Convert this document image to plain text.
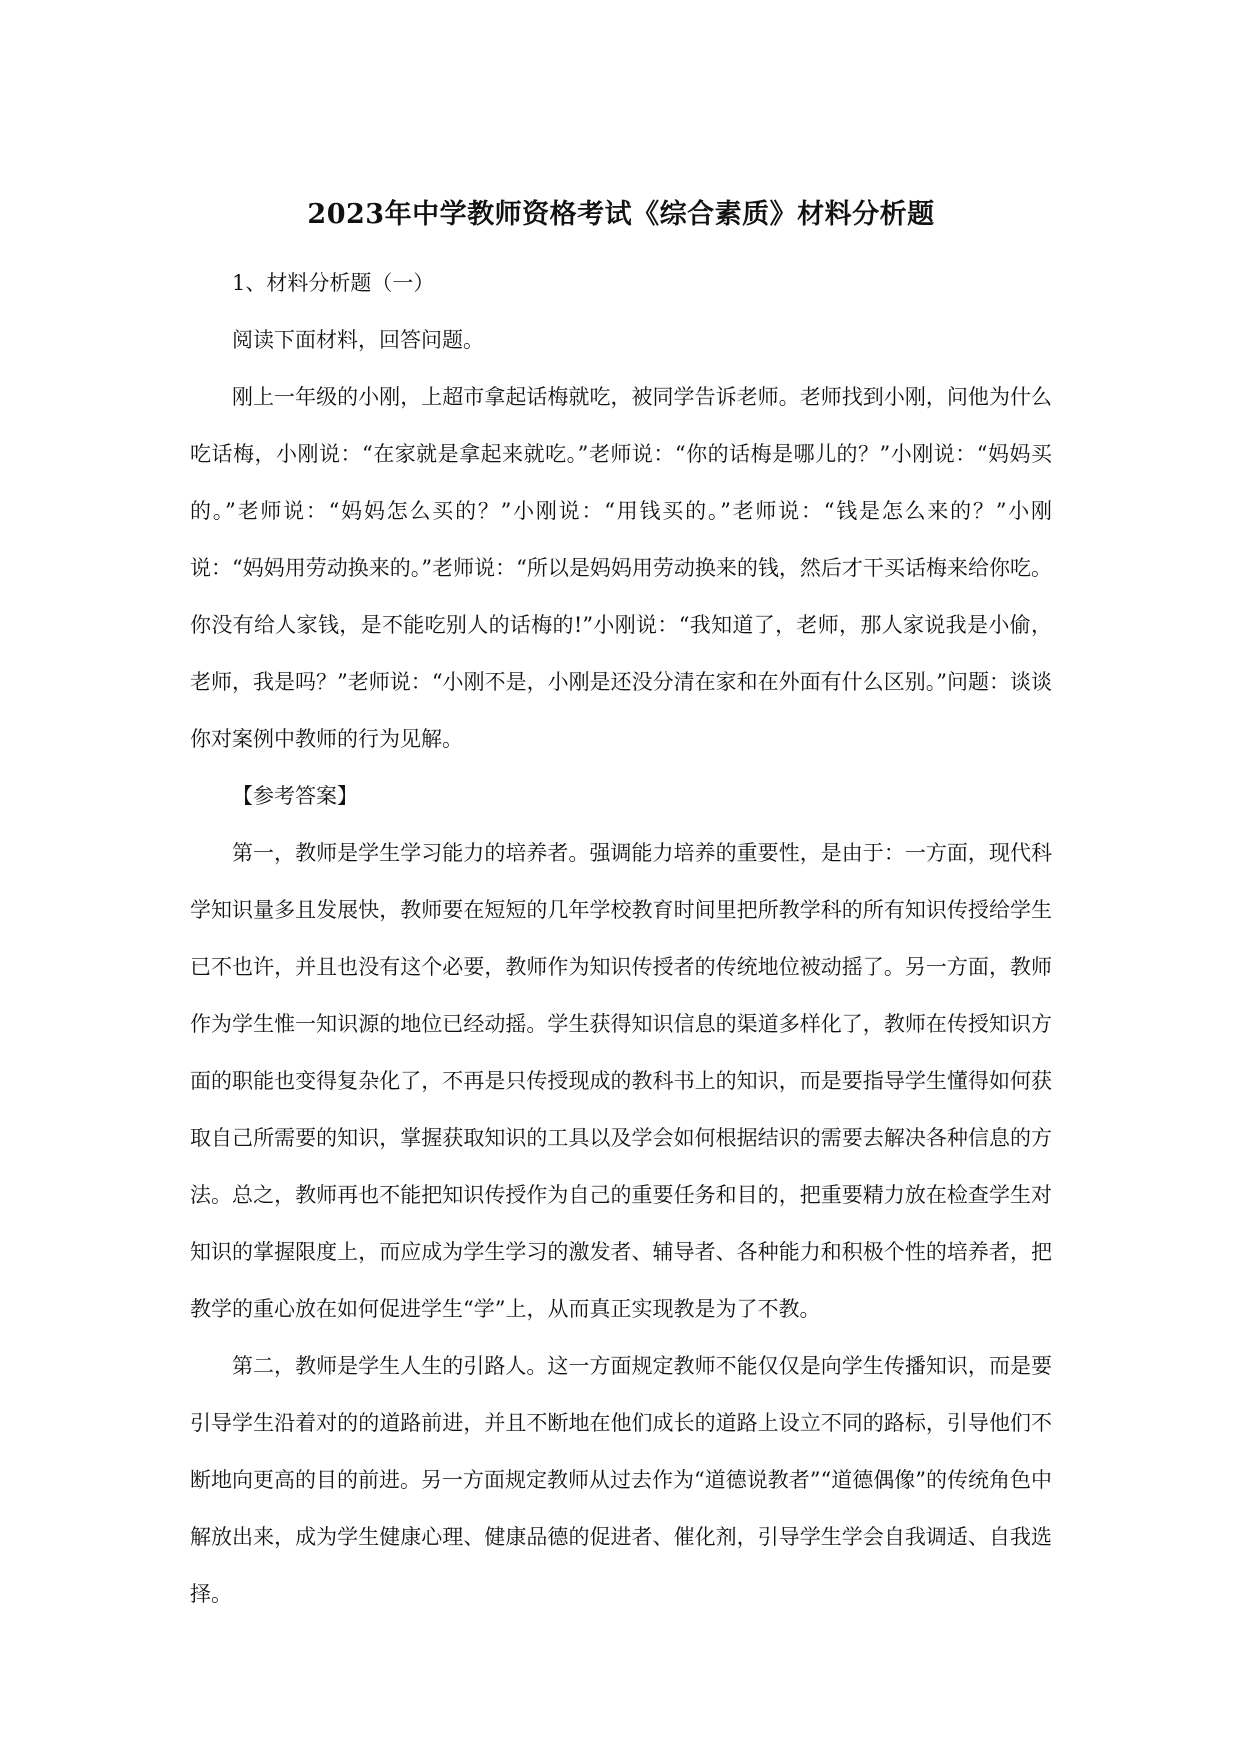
2023年中学教师资格考试《综合素质》材料分析题

1、材料分析题（一）

阅读下面材料，回答问题。

刚上一年级的小刚，上超市拿起话梅就吃，被同学告诉老师。老师找到小刚，问他为什么吃话梅，小刚说：“在家就是拿起来就吃。”老师说：“你的话梅是哪儿的？”小刚说：“妈妈买的。”老师说：“妈妈怎么买的？”小刚说：“用钱买的。”老师说：“钱是怎么来的？”小刚说：“妈妈用劳动换来的。”老师说：“所以是妈妈用劳动换来的钱，然后才干买话梅来给你吃。你没有给人家钱，是不能吃别人的话梅的!”小刚说：“我知道了，老师，那人家说我是小偷，老师，我是吗？”老师说：“小刚不是，小刚是还没分清在家和在外面有什么区别。”问题：谈谈你对案例中教师的行为见解。

【参考答案】

第一，教师是学生学习能力的培养者。强调能力培养的重要性，是由于：一方面，现代科学知识量多且发展快，教师要在短短的几年学校教育时间里把所教学科的所有知识传授给学生已不也许，并且也没有这个必要，教师作为知识传授者的传统地位被动摇了。另一方面，教师作为学生惟一知识源的地位已经动摇。学生获得知识信息的渠道多样化了，教师在传授知识方面的职能也变得复杂化了，不再是只传授现成的教科书上的知识，而是要指导学生懂得如何获取自己所需要的知识，掌握获取知识的工具以及学会如何根据结识的需要去解决各种信息的方法。总之，教师再也不能把知识传授作为自己的重要任务和目的，把重要精力放在检查学生对知识的掌握限度上，而应成为学生学习的激发者、辅导者、各种能力和积极个性的培养者，把教学的重心放在如何促进学生“学”上，从而真正实现教是为了不教。

第二，教师是学生人生的引路人。这一方面规定教师不能仅仅是向学生传播知识，而是要引导学生沿着对的的道路前进，并且不断地在他们成长的道路上设立不同的路标，引导他们不断地向更高的目的前进。另一方面规定教师从过去作为“道德说教者”“道德偶像”的传统角色中解放出来，成为学生健康心理、健康品德的促进者、催化剂，引导学生学会自我调适、自我选择。
